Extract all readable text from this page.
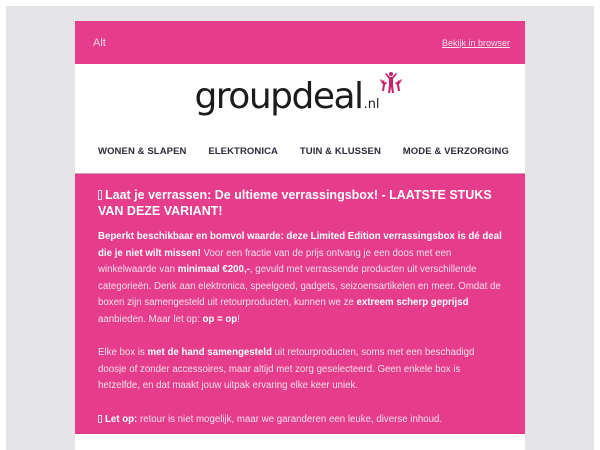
Alt	Bekijk in browser
groupdeal .nl
WONEN & SLAPEN ELEKTRONICA TUIN & KLUSSEN MODE & VERZORGING

Laat je verrassen: De ultieme verrassingsbox! - LAATSTE STUKS VAN DEZE VARIANT!

Beperkt beschikbaar en bomvol waarde: deze Limited Edition verrassingsbox is dé deal die je niet wilt missen! Voor een fractie van de prijs ontvang je een doos met een winkelwaarde van minimaal €200,-, gevuld met verrassende producten uit verschillende categorieën. Denk aan elektronica, speelgoed, gadgets, seizoensartikelen en meer. Omdat de boxen zijn samengesteld uit retourproducten, kunnen we ze extreem scherp geprijsd aanbieden. Maar let op: op = op!

Elke box is met de hand samengesteld uit retourproducten, soms met een beschadigd doosje of zonder accessoires, maar altijd met zorg geselecteerd. Geen enkele box is hetzelfde, en dat maakt jouw uitpak ervaring elke keer uniek.

Let op: retour is niet mogelijk, maar we garanderen een leuke, diverse inhoud.
